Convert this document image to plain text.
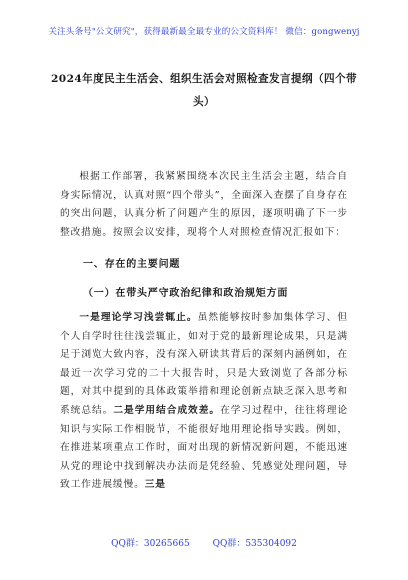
关注头条号"公文研究"，获得最新最全最专业的公文资料库！ 微信：gongwenyj
2024年度民主生活会、组织生活会对照检查发言提纲（四个带头）
根据工作部署，我紧紧围绕本次民主生活会主题，结合自身实际情况，认真对照“四个带头”，全面深入查摆了自身存在的突出问题，认真分析了问题产生的原因，逐项明确了下一步整改措施。按照会议安排，现将个人对照检查情况汇报如下：
一、存在的主要问题
（一）在带头严守政治纪律和政治规矩方面
一是理论学习浅尝辄止。虽然能够按时参加集体学习、但个人自学时往往浅尝辄止，如对于党的最新理论成果，只是满足于浏览大致内容，没有深入研读其背后的深刻内涵例如，在最近一次学习党的二十大报告时，只是大致浏览了各部分标题，对其中提到的具体政策举措和理论创新点缺乏深入思考和系统总结。二是学用结合成效差。在学习过程中，往往将理论知识与实际工作相脱节，不能很好地用理论指导实践。例如，在推进某项重点工作时，面对出现的新情况新问题，不能迅速从党的理论中找到解决办法而是凭经验、凭感觉处理问题，导致工作进展缓慢。三是
QQ群：30265665        QQ群：535304092
